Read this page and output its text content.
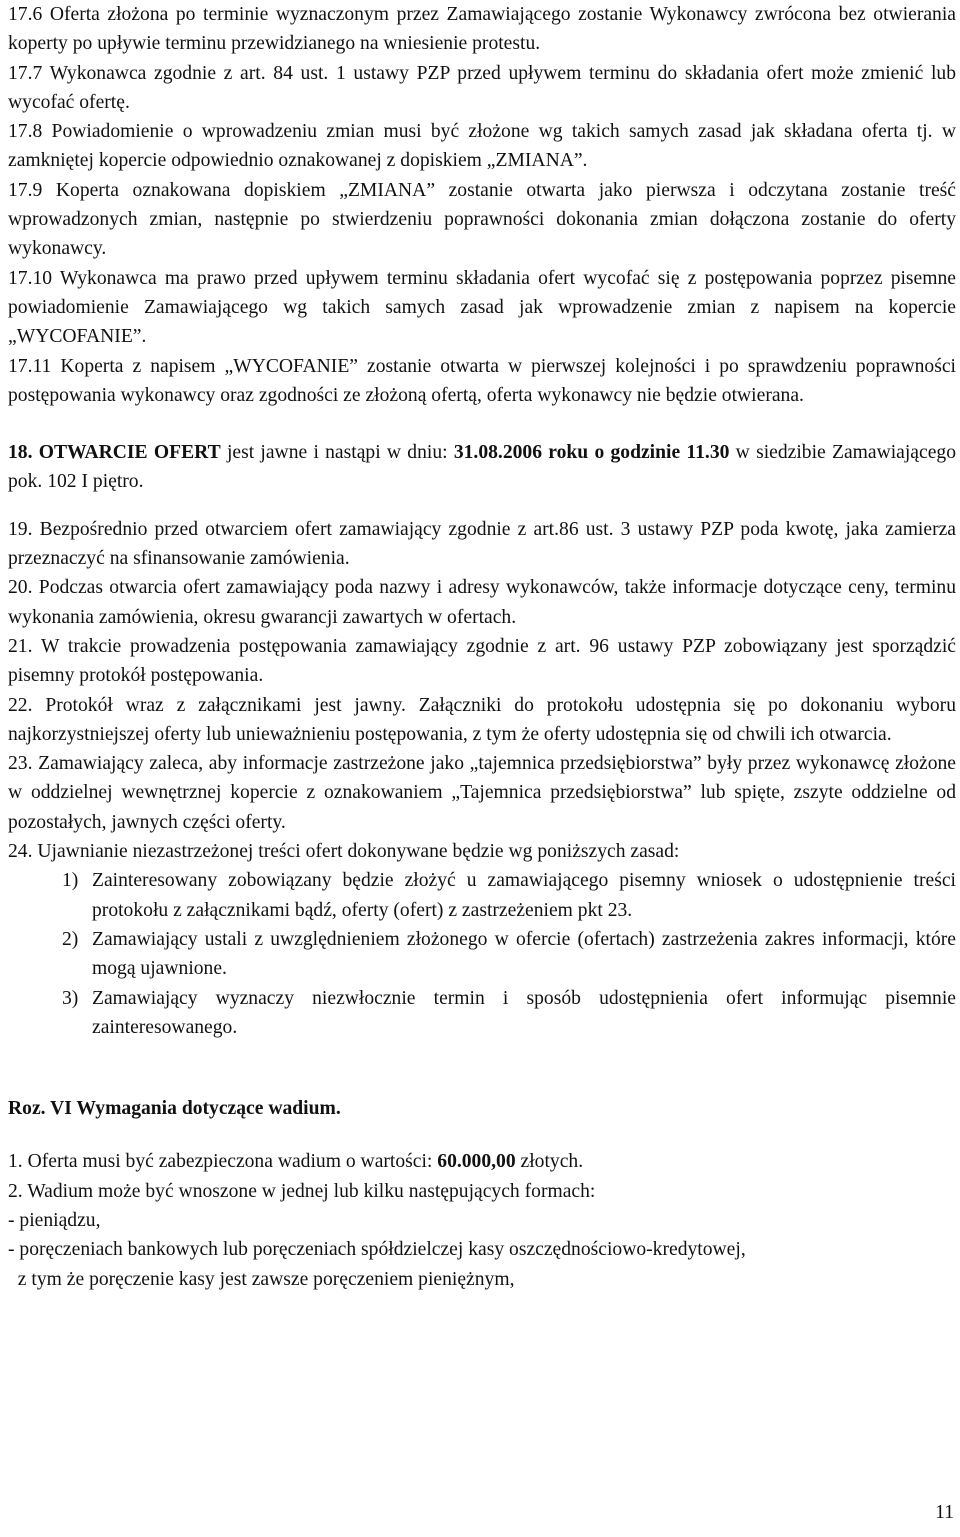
17.6 Oferta złożona po terminie wyznaczonym przez Zamawiającego zostanie Wykonawcy zwrócona bez otwierania koperty po upływie terminu przewidzianego na wniesienie protestu.

17.7 Wykonawca zgodnie z art. 84 ust. 1 ustawy PZP przed upływem terminu do składania ofert może zmienić lub wycofać ofertę.

17.8 Powiadomienie o wprowadzeniu zmian musi być złożone wg takich samych zasad jak składana oferta tj. w zamkniętej kopercie odpowiednio oznakowanej z dopiskiem „ZMIANA”.

17.9 Koperta oznakowana dopiskiem „ZMIANA” zostanie otwarta jako pierwsza i odczytana zostanie treść wprowadzonych zmian, następnie po stwierdzeniu poprawności dokonania zmian dołączona zostanie do oferty wykonawcy.

17.10 Wykonawca ma prawo przed upływem terminu składania ofert wycofać się z postępowania poprzez pisemne powiadomienie Zamawiającego wg takich samych zasad jak wprowadzenie zmian z napisem na kopercie „WYCOFANIE”.

17.11 Koperta z napisem „WYCOFANIE” zostanie otwarta w pierwszej kolejności i po sprawdzeniu poprawności postępowania wykonawcy oraz zgodności ze złożoną ofertą, oferta wykonawcy nie będzie otwierana.

18. OTWARCIE OFERT jest jawne i nastąpi w dniu: 31.08.2006 roku o godzinie 11.30 w siedzibie Zamawiającego pok. 102 I piętro.

19. Bezpośrednio przed otwarciem ofert zamawiający zgodnie z art.86 ust. 3 ustawy PZP poda kwotę, jaka zamierza przeznaczyć na sfinansowanie zamówienia.

20. Podczas otwarcia ofert zamawiający poda nazwy i adresy wykonawców, także informacje dotyczące ceny, terminu wykonania zamówienia, okresu gwarancji zawartych w ofertach.

21. W trakcie prowadzenia postępowania zamawiający zgodnie z art. 96 ustawy PZP zobowiązany jest sporządzić pisemny protokół postępowania.

22. Protokół wraz z załącznikami jest jawny. Załączniki do protokołu udostępnia się po dokonaniu wyboru najkorzystniejszej oferty lub unieważnieniu postępowania, z tym że oferty udostępnia się od chwili ich otwarcia.

23. Zamawiający zaleca, aby informacje zastrzeżone jako „tajemnica przedsiębiorstwa” były przez wykonawcę złożone w oddzielnej wewnętrznej kopercie z oznakowaniem „Tajemnica przedsiębiorstwa” lub spięte, zszyte oddzielne od pozostałych, jawnych części oferty.

24. Ujawnianie niezastrzeżonej treści ofert dokonywane będzie wg poniższych zasad:

1) Zainteresowany zobowiązany będzie złożyć u zamawiającego pisemny wniosek o udostępnienie treści protokołu z załącznikami bądź, oferty (ofert) z zastrzeżeniem pkt 23.

2) Zamawiający ustali z uwzględnieniem złożonego w ofercie (ofertach) zastrzeżenia zakres informacji, które mogą ujawnione.

3) Zamawiający wyznaczy niezwłocznie termin i sposób udostępnienia ofert informując pisemnie zainteresowanego.

Roz. VI Wymagania dotyczące wadium.

1. Oferta musi być zabezpieczona wadium o wartości: 60.000,00 złotych.

2. Wadium może być wnoszone w jednej lub kilku następujących formach:

- pieniądzu,

- poręczeniach bankowych lub poręczeniach spółdzielczej kasy oszczędnościowo-kredytowej,

z tym że poręczenie kasy jest zawsze poręczeniem pieniężnym,

11
